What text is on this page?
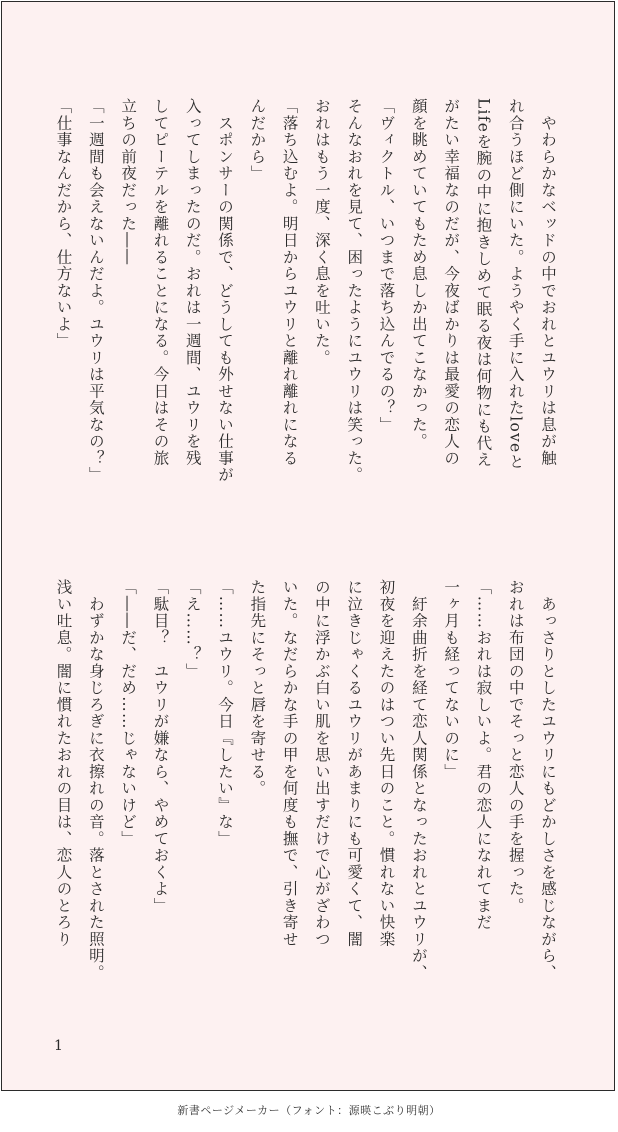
　やわらかなベッドの中でおれとユウリは息が触
れ合うほど側にいた。ようやく手に入れたloveと
Lifeを腕の中に抱きしめて眠る夜は何物にも代え
がたい幸福なのだが、今夜ばかりは最愛の恋人の
顔を眺めていてもため息しか出てこなかった。
「ヴィクトル、いつまで落ち込んでるの？」
そんなおれを見て、困ったようにユウリは笑った。
おれはもう一度、深く息を吐いた。
「落ち込むよ。明日からユウリと離れ離れになる
んだから」
　スポンサーの関係で、どうしても外せない仕事が
入ってしまったのだ。おれは一週間、ユウリを残
してピーテルを離れることになる。今日はその旅
立ちの前夜だった――
「一週間も会えないんだよ。ユウリは平気なの？」
「仕事なんだから、仕方ないよ」
　あっさりとしたユウリにもどかしさを感じながら、
おれは布団の中でそっと恋人の手を握った。
「……おれは寂しいよ。君の恋人になれてまだ
一ヶ月も経ってないのに」
　紆余曲折を経て恋人関係となったおれとユウリが、
初夜を迎えたのはつい先日のこと。慣れない快楽
に泣きじゃくるユウリがあまりにも可愛くて、闇
の中に浮かぶ白い肌を思い出すだけで心がざわつ
いた。なだらかな手の甲を何度も撫で、引き寄せ
た指先にそっと唇を寄せる。
「……ユウリ。今日『したい』な」
「え……？」
「駄目？　ユウリが嫌なら、やめておくよ」
「――だ、だめ……じゃないけど」
　わずかな身じろぎに衣擦れの音。落とされた照明。
浅い吐息。闇に慣れたおれの目は、恋人のとろり
1
新書ページメーカー（フォント：源暎こぶり明朝）
